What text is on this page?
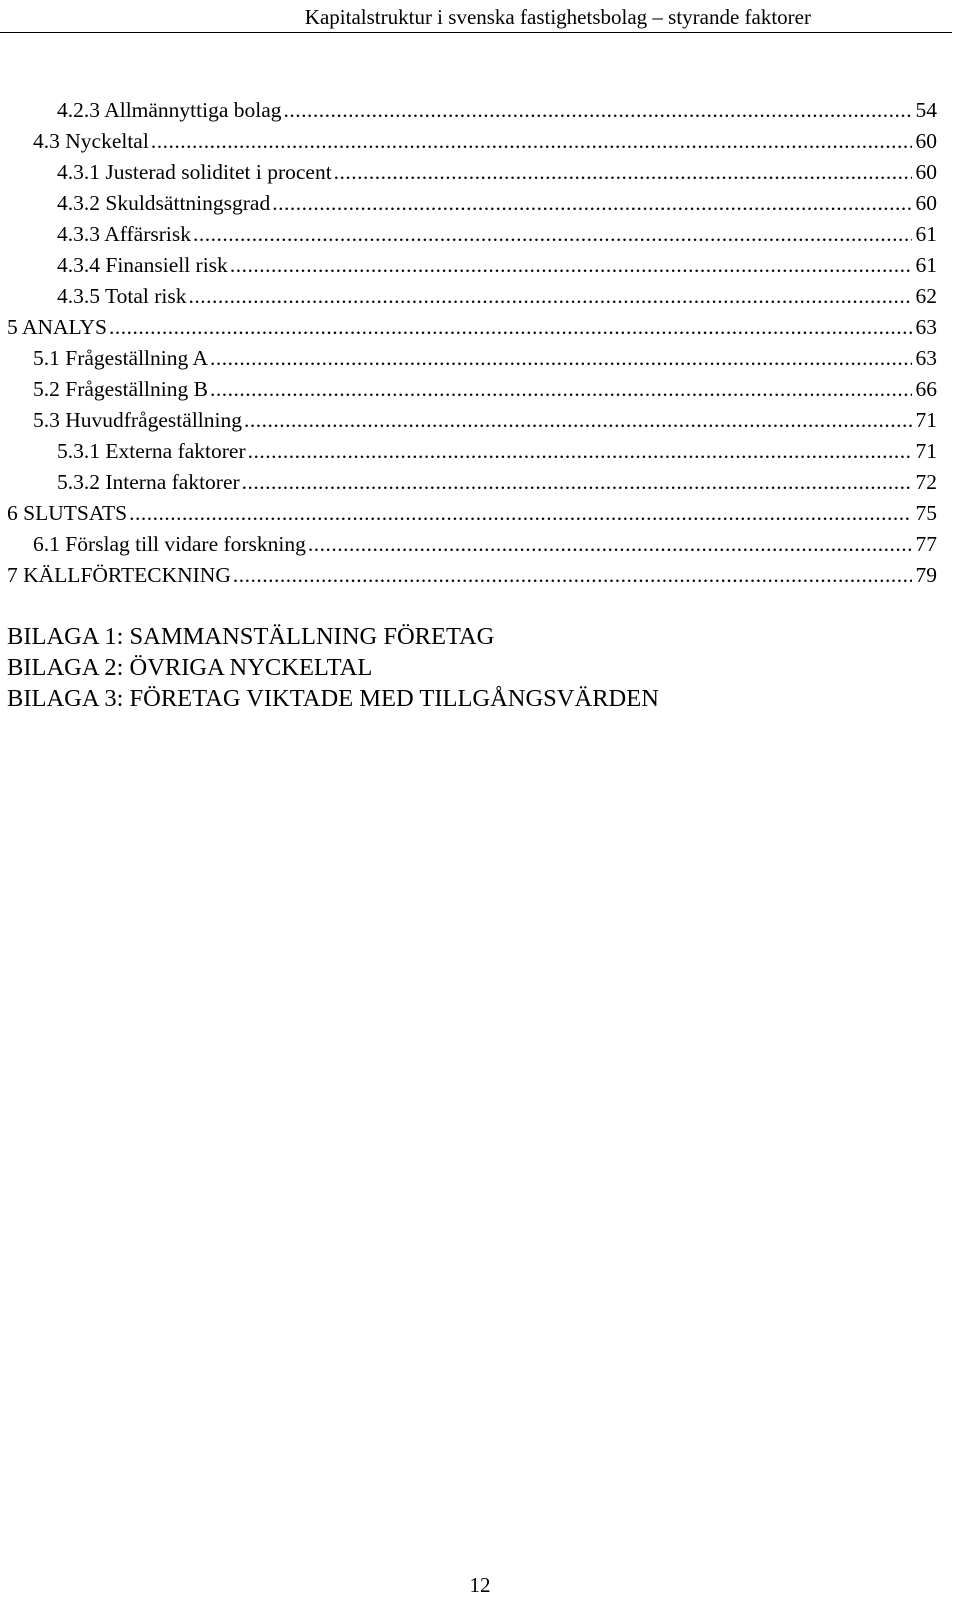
Kapitalstruktur i svenska fastighetsbolag – styrande faktorer
4.2.3 Allmännyttiga bolag .....	54
4.3 Nyckeltal .....	60
4.3.1 Justerad soliditet i procent .....	60
4.3.2 Skuldsättningsgrad .....	60
4.3.3 Affärsrisk .....	61
4.3.4 Finansiell risk .....	61
4.3.5 Total risk .....	62
5 ANALYS .....	63
5.1 Frågeställning A .....	63
5.2 Frågeställning B .....	66
5.3 Huvudfrågeställning .....	71
5.3.1 Externa faktorer .....	71
5.3.2 Interna faktorer .....	72
6 SLUTSATS .....	75
6.1 Förslag till vidare forskning .....	77
7 KÄLLFÖRTECKNING .....	79
BILAGA 1: SAMMANSTÄLLNING FÖRETAG
BILAGA 2: ÖVRIGA NYCKELTAL
BILAGA 3: FÖRETAG VIKTADE MED TILLGÅNGSVÄRDEN
12
